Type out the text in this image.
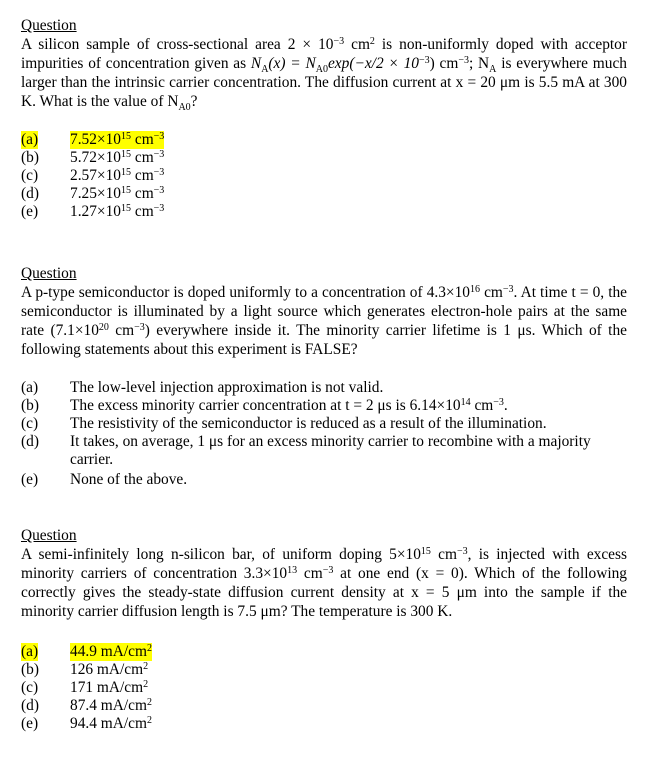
Question

A silicon sample of cross-sectional area $2 \times 10^{-3}$ $cm^2$ is non-uniformly doped with acceptor impurities of concentration given as $N_A(x) = N_{A0}\exp(-x/2 \times 10^{-3})$ $cm^{-3}$; $N_A$ is everywhere much larger than the intrinsic carrier concentration. The diffusion current at x = 20 μm is 5.5 mA at 300 K. What is the value of $N_{A0}$?

(a)	$7.52\times 10^{15}$ $cm^{-3}$
(b)	$5.72\times 10^{15}$ $cm^{-3}$
(c)	$2.57\times 10^{15}$ $cm^{-3}$
(d)	$7.25\times 10^{15}$ $cm^{-3}$
(e)	$1.27\times 10^{15}$ $cm^{-3}$

Question

A p-type semiconductor is doped uniformly to a concentration of $4.3\times 10^{16}$ $cm^{-3}$. At time t = 0, the semiconductor is illuminated by a light source which generates electron-hole pairs at the same rate ($7.1\times 10^{20}$ $cm^{-3}$) everywhere inside it. The minority carrier lifetime is 1 μs. Which of the following statements about this experiment is FALSE?

(a)	The low-level injection approximation is not valid.
(b)	The excess minority carrier concentration at t = 2 μs is $6.14\times 10^{14}$ $cm^{-3}$.
(c)	The resistivity of the semiconductor is reduced as a result of the illumination.
(d)	It takes, on average, 1 μs for an excess minority carrier to recombine with a majority carrier.
(e)	None of the above.

Question

A semi-infinitely long n-silicon bar, of uniform doping $5\times 10^{15}$ $cm^{-3}$, is injected with excess minority carriers of concentration $3.3\times 10^{13}$ $cm^{-3}$ at one end (x = 0). Which of the following correctly gives the steady-state diffusion current density at x = 5 μm into the sample if the minority carrier diffusion length is 7.5 μm? The temperature is 300 K.

(a)	44.9 $mA/cm^2$
(b)	126 $mA/cm^2$
(c)	171 $mA/cm^2$
(d)	87.4 $mA/cm^2$
(e)	94.4 $mA/cm^2$
